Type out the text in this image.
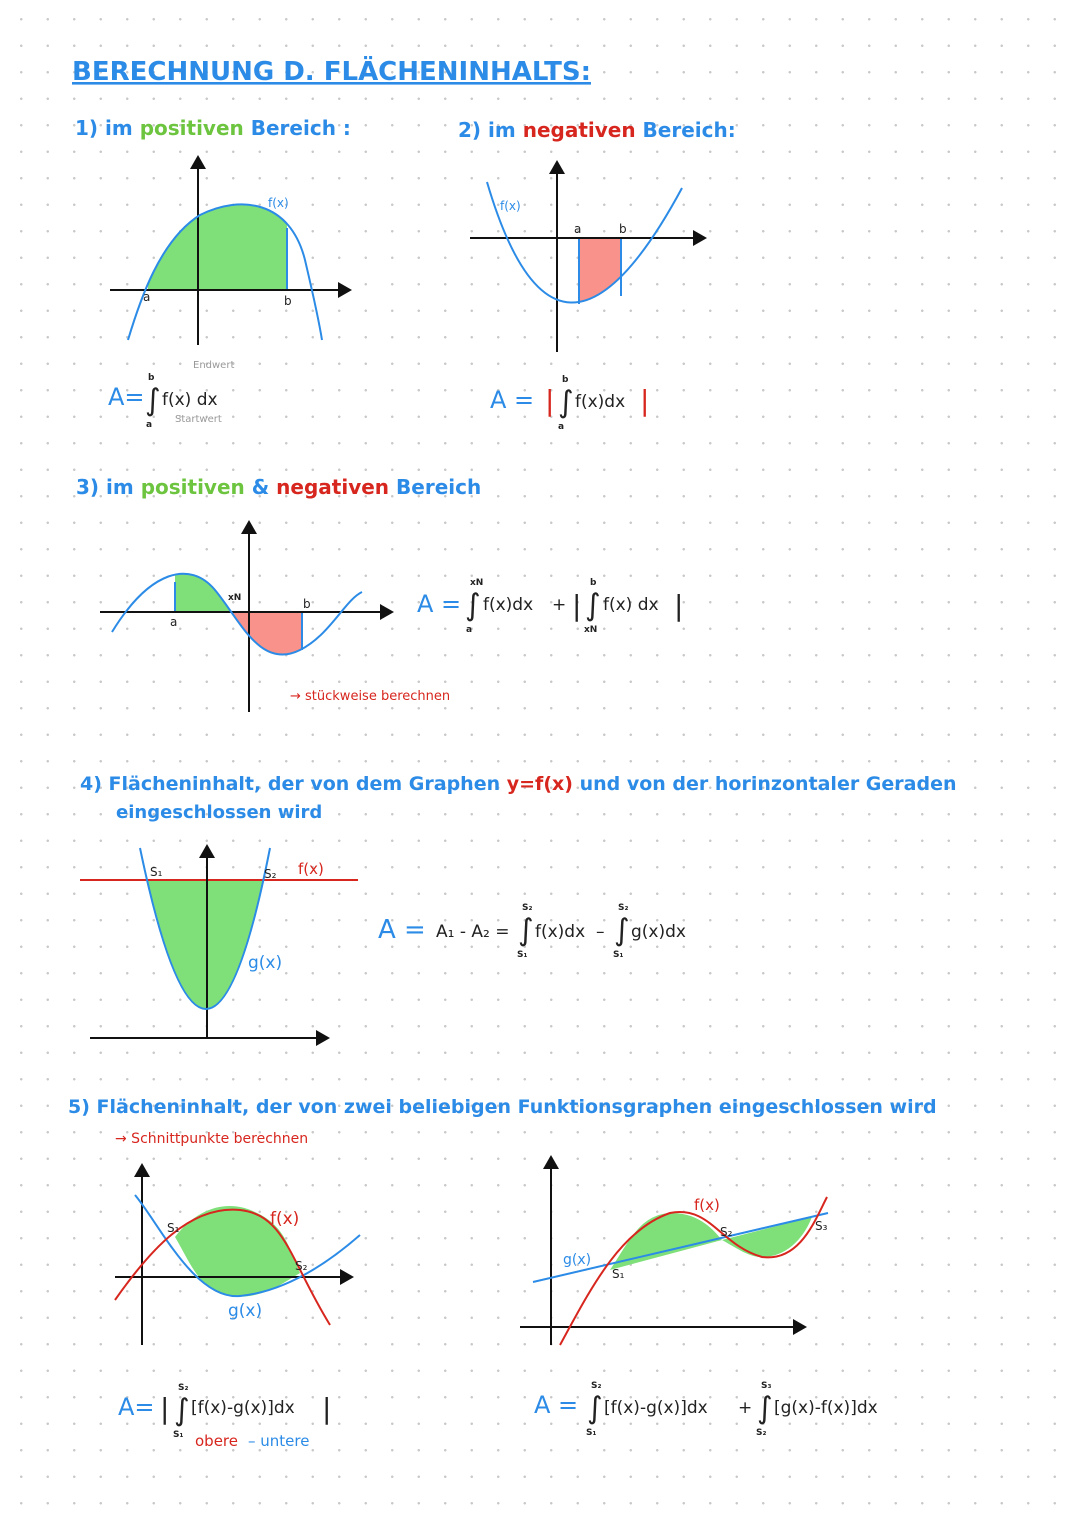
BERECHNUNG D. FLÄCHENINHALTS:
1) im positiven Bereich :
f(x)
a	b
A= ∫
b
a
f(x) dx
Endwert
Startwert
2) im negativen Bereich:
f(x)
a	b
A = | ∫
b
a
f(x)dx |
3) im positiven & negativen Bereich
a
xN	b	A = ∫
xN
a
f(x)dx + | ∫
b
xN
f(x) dx |
→ stückweise berechnen
4) Flächeninhalt, der von dem Graphen y=f(x) und von der horinzontaler Geraden
eingeschlossen wird
S₁	S₂ f(x)
g(x)
A = A₁ - A₂ = ∫
S₂
S₁
f(x)dx – ∫
S₂
S₁
g(x)dx
5) Flächeninhalt, der von zwei beliebigen Funktionsgraphen eingeschlossen wird
→ Schnittpunkte berechnen
S₁
S₂
f(x)
g(x)
A= | ∫
S₂
S₁
[f(x)-g(x)]dx |
obere – untere
g(x)
S₁
S₂	S₃
f(x)
A = ∫
S₂
S₁
[f(x)-g(x)]dx + ∫
S₃
S₂
[g(x)-f(x)]dx
